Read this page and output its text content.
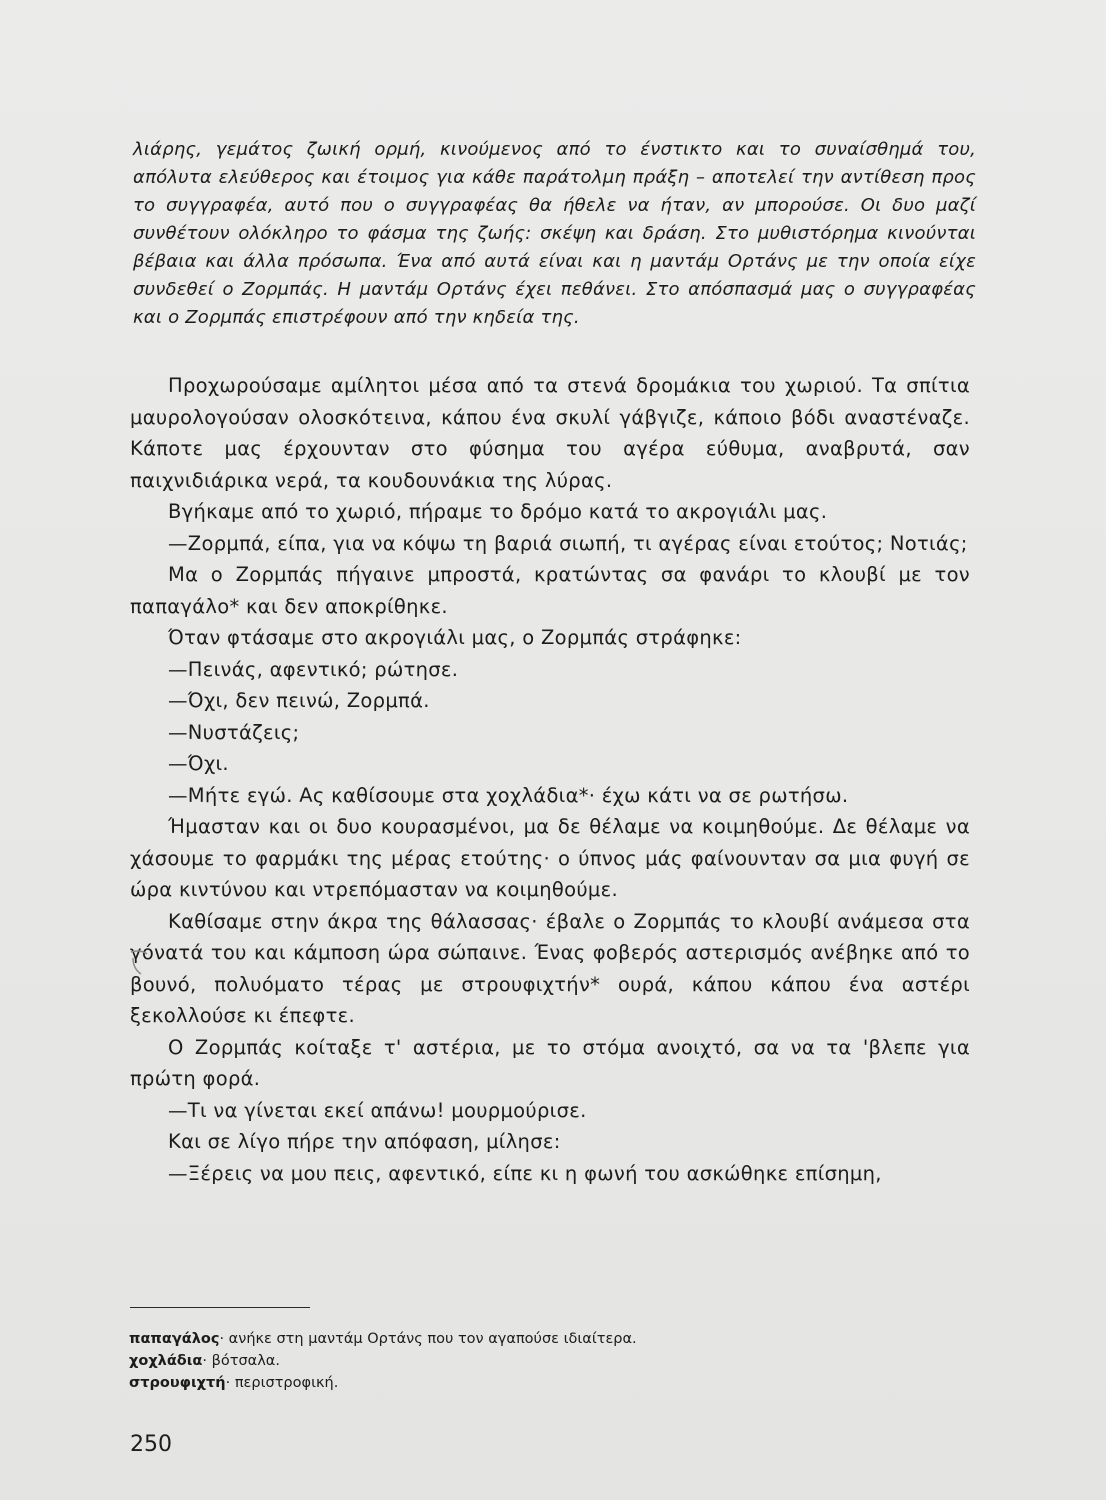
λιάρης, γεμάτος ζωική ορμή, κινούμενος από το ένστικτο και το συναίσθημά του, απόλυτα ελεύθερος και έτοιμος για κάθε παράτολμη πράξη – αποτελεί την αντίθεση προς το συγγραφέα, αυτό που ο συγγραφέας θα ήθελε να ήταν, αν μπορούσε. Οι δυο μαζί συνθέτουν ολόκληρο το φάσμα της ζωής: σκέψη και δράση. Στο μυθιστόρημα κινούνται βέβαια και άλλα πρόσωπα. Ένα από αυτά είναι και η μαντάμ Ορτάνς με την οποία είχε συνδεθεί ο Ζορμπάς. Η μαντάμ Ορτάνς έχει πεθάνει. Στο απόσπασμά μας ο συγγραφέας και ο Ζορμπάς επιστρέφουν από την κηδεία της.

Προχωρούσαμε αμίλητοι μέσα από τα στενά δρομάκια του χωριού. Τα σπίτια μαυρολογούσαν ολοσκότεινα, κάπου ένα σκυλί γάβγιζε, κάποιο βόδι αναστέναζε. Κάποτε μας έρχουνταν στο φύσημα του αγέρα εύθυμα, αναβρυτά, σαν παιχνιδιάρικα νερά, τα κουδουνάκια της λύρας.

Βγήκαμε από το χωριό, πήραμε το δρόμο κατά το ακρογιάλι μας.

—Ζορμπά, είπα, για να κόψω τη βαριά σιωπή, τι αγέρας είναι ετούτος; Νοτιάς;

Μα ο Ζορμπάς πήγαινε μπροστά, κρατώντας σα φανάρι το κλουβί με τον παπαγάλο* και δεν αποκρίθηκε.

Όταν φτάσαμε στο ακρογιάλι μας, ο Ζορμπάς στράφηκε:

—Πεινάς, αφεντικό; ρώτησε.

—Όχι, δεν πεινώ, Ζορμπά.

—Νυστάζεις;

—Όχι.

—Μήτε εγώ. Ας καθίσουμε στα χοχλάδια*· έχω κάτι να σε ρωτήσω.

Ήμασταν και οι δυο κουρασμένοι, μα δε θέλαμε να κοιμηθούμε. Δε θέλαμε να χάσουμε το φαρμάκι της μέρας ετούτης· ο ύπνος μάς φαίνουνταν σα μια φυγή σε ώρα κιντύνου και ντρεπόμασταν να κοιμηθούμε.

Καθίσαμε στην άκρα της θάλασσας· έβαλε ο Ζορμπάς το κλουβί ανάμεσα στα γόνατά του και κάμποση ώρα σώπαινε. Ένας φοβερός αστερισμός ανέβηκε από το βουνό, πολυόματο τέρας με στρουφιχτήν* ουρά, κάπου κάπου ένα αστέρι ξεκολλούσε κι έπεφτε.

Ο Ζορμπάς κοίταξε τ' αστέρια, με το στόμα ανοιχτό, σα να τα 'βλεπε για πρώτη φορά.

—Τι να γίνεται εκεί απάνω! μουρμούρισε.

Και σε λίγο πήρε την απόφαση, μίλησε:

—Ξέρεις να μου πεις, αφεντικό, είπε κι η φωνή του ασκώθηκε επίσημη,

παπαγάλος· ανήκε στη μαντάμ Ορτάνς που τον αγαπούσε ιδιαίτερα.

χοχλάδια· βότσαλα.

στρουφιχτή· περιστροφική.

250
